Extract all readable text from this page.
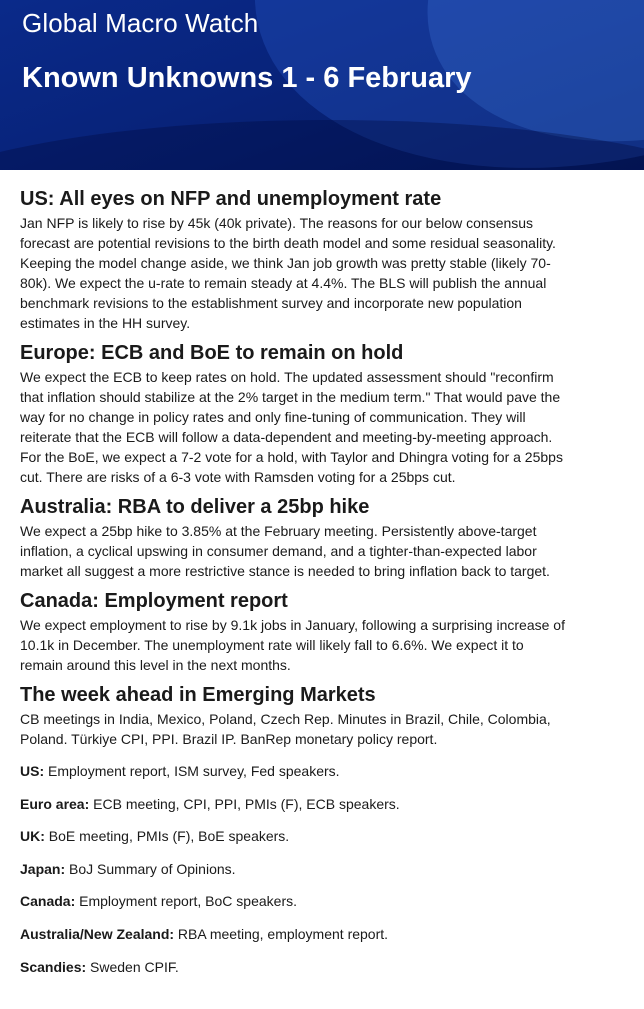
Global Macro Watch
Known Unknowns 1 - 6 February
US: All eyes on NFP and unemployment rate

Jan NFP is likely to rise by 45k (40k private). The reasons for our below consensus

forecast are potential revisions to the birth death model and some residual seasonality.

Keeping the model change aside, we think Jan job growth was pretty stable (likely 70-

80k). We expect the u-rate to remain steady at 4.4%. The BLS will publish the annual

benchmark revisions to the establishment survey and incorporate new population

estimates in the HH survey.

Europe: ECB and BoE to remain on hold

We expect the ECB to keep rates on hold. The updated assessment should "reconfirm

that inflation should stabilize at the 2% target in the medium term." That would pave the

way for no change in policy rates and only fine-tuning of communication. They will

reiterate that the ECB will follow a data-dependent and meeting-by-meeting approach.

For the BoE, we expect a 7-2 vote for a hold, with Taylor and Dhingra voting for a 25bps

cut. There are risks of a 6-3 vote with Ramsden voting for a 25bps cut.

Australia: RBA to deliver a 25bp hike

We expect a 25bp hike to 3.85% at the February meeting. Persistently above-target

inflation, a cyclical upswing in consumer demand, and a tighter-than-expected labor

market all suggest a more restrictive stance is needed to bring inflation back to target.

Canada: Employment report

We expect employment to rise by 9.1k jobs in January, following a surprising increase of

10.1k in December. The unemployment rate will likely fall to 6.6%. We expect it to

remain around this level in the next months.

The week ahead in Emerging Markets

CB meetings in India, Mexico, Poland, Czech Rep. Minutes in Brazil, Chile, Colombia,

Poland. Türkiye CPI, PPI. Brazil IP. BanRep monetary policy report.

US: Employment report, ISM survey, Fed speakers.
Euro area: ECB meeting, CPI, PPI, PMIs (F), ECB speakers.
UK: BoE meeting, PMIs (F), BoE speakers.
Japan: BoJ Summary of Opinions.
Canada: Employment report, BoC speakers.
Australia/New Zealand: RBA meeting, employment report.
Scandies: Sweden CPIF.
